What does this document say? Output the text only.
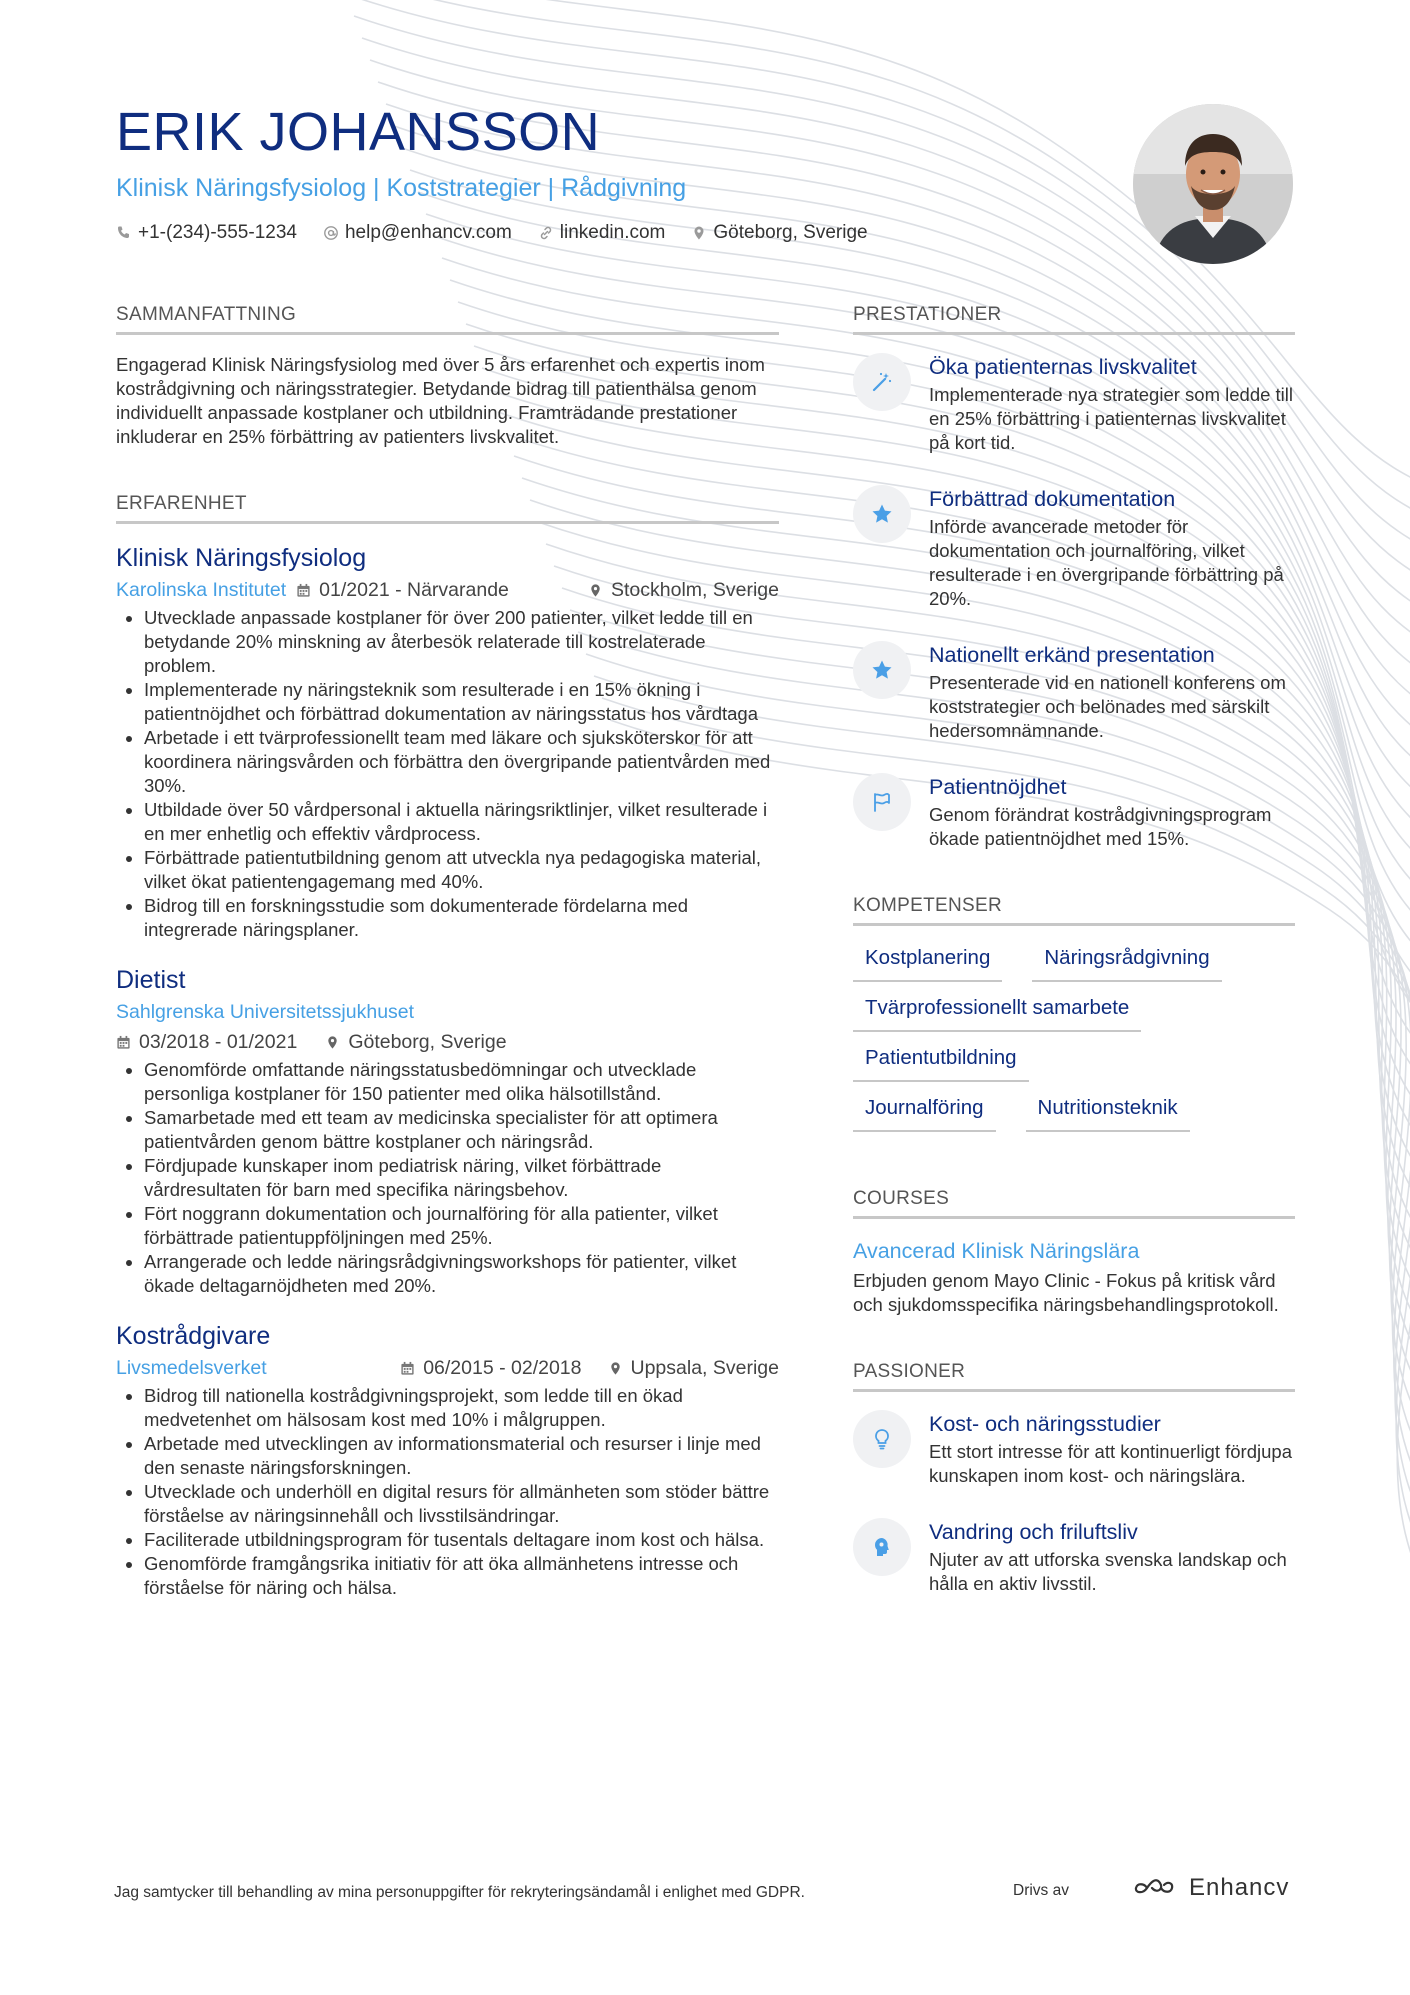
ERIK JOHANSSON
Klinisk Näringsfysiolog | Koststrategier | Rådgivning
+1-(234)-555-1234	help@enhancv.com	linkedin.com	Göteborg, Sverige
SAMMANFATTNING

Engagerad Klinisk Näringsfysiolog med över 5 års erfarenhet och expertis inom kostrådgivning och näringsstrategier. Betydande bidrag till patienthälsa genom individuellt anpassade kostplaner och utbildning. Framträdande prestationer inkluderar en 25% förbättring av patienters livskvalitet.

ERFARENHET
Klinisk Näringsfysiolog
Karolinska Institutet 01/2021 - Närvarande	Stockholm, Sverige
• Utvecklade anpassade kostplaner för över 200 patienter, vilket ledde till en betydande 20% minskning av återbesök relaterade till kostrelaterade problem.
• Implementerade ny näringsteknik som resulterade i en 15% ökning i patientnöjdhet och förbättrad dokumentation av näringsstatus hos vårdtaga
• Arbetade i ett tvärprofessionellt team med läkare och sjuksköterskor för att koordinera näringsvården och förbättra den övergripande patientvården med 30%.
• Utbildade över 50 vårdpersonal i aktuella näringsriktlinjer, vilket resulterade i en mer enhetlig och effektiv vårdprocess.
• Förbättrade patientutbildning genom att utveckla nya pedagogiska material, vilket ökat patientengagemang med 40%.
• Bidrog till en forskningsstudie som dokumenterade fördelarna med integrerade näringsplaner.
Dietist
Sahlgrenska Universitetssjukhuset
03/2018 - 01/2021	Göteborg, Sverige
• Genomförde omfattande näringsstatusbedömningar och utvecklade personliga kostplaner för 150 patienter med olika hälsotillstånd.
• Samarbetade med ett team av medicinska specialister för att optimera patientvården genom bättre kostplaner och näringsråd.
• Fördjupade kunskaper inom pediatrisk näring, vilket förbättrade vårdresultaten för barn med specifika näringsbehov.
• Fört noggrann dokumentation och journalföring för alla patienter, vilket förbättrade patientuppföljningen med 25%.
• Arrangerade och ledde näringsrådgivningsworkshops för patienter, vilket ökade deltagarnöjdheten med 20%.
Kostrådgivare
Livsmedelsverket	06/2015 - 02/2018	Uppsala, Sverige
• Bidrog till nationella kostrådgivningsprojekt, som ledde till en ökad medvetenhet om hälsosam kost med 10% i målgruppen.
• Arbetade med utvecklingen av informationsmaterial och resurser i linje med den senaste näringsforskningen.
• Utvecklade och underhöll en digital resurs för allmänheten som stöder bättre förståelse av näringsinnehåll och livsstilsändringar.
• Faciliterade utbildningsprogram för tusentals deltagare inom kost och hälsa.
• Genomförde framgångsrika initiativ för att öka allmänhetens intresse och förståelse för näring och hälsa.
PRESTATIONER
Öka patienternas livskvalitet
Implementerade nya strategier som ledde till en 25% förbättring i patienternas livskvalitet på kort tid.
Förbättrad dokumentation
Införde avancerade metoder för dokumentation och journalföring, vilket resulterade i en övergripande förbättring på 20%.
Nationellt erkänd presentation
Presenterade vid en nationell konferens om koststrategier och belönades med särskilt hedersomnämnande.
Patientnöjdhet
Genom förändrat kostrådgivningsprogram ökade patientnöjdhet med 15%.
KOMPETENSER
Kostplanering	Näringsrådgivning
Tvärprofessionellt samarbete
Patientutbildning
Journalföring	Nutritionsteknik
COURSES
Avancerad Klinisk Näringslära
Erbjuden genom Mayo Clinic - Fokus på kritisk vård och sjukdomsspecifika näringsbehandlingsprotokoll.
PASSIONER
Kost- och näringsstudier
Ett stort intresse för att kontinuerligt fördjupa kunskapen inom kost- och näringslära.
Vandring och friluftsliv
Njuter av att utforska svenska landskap och hålla en aktiv livsstil.
Jag samtycker till behandling av mina personuppgifter för rekryteringsändamål i enlighet med GDPR.	Drivs av	Enhancv
